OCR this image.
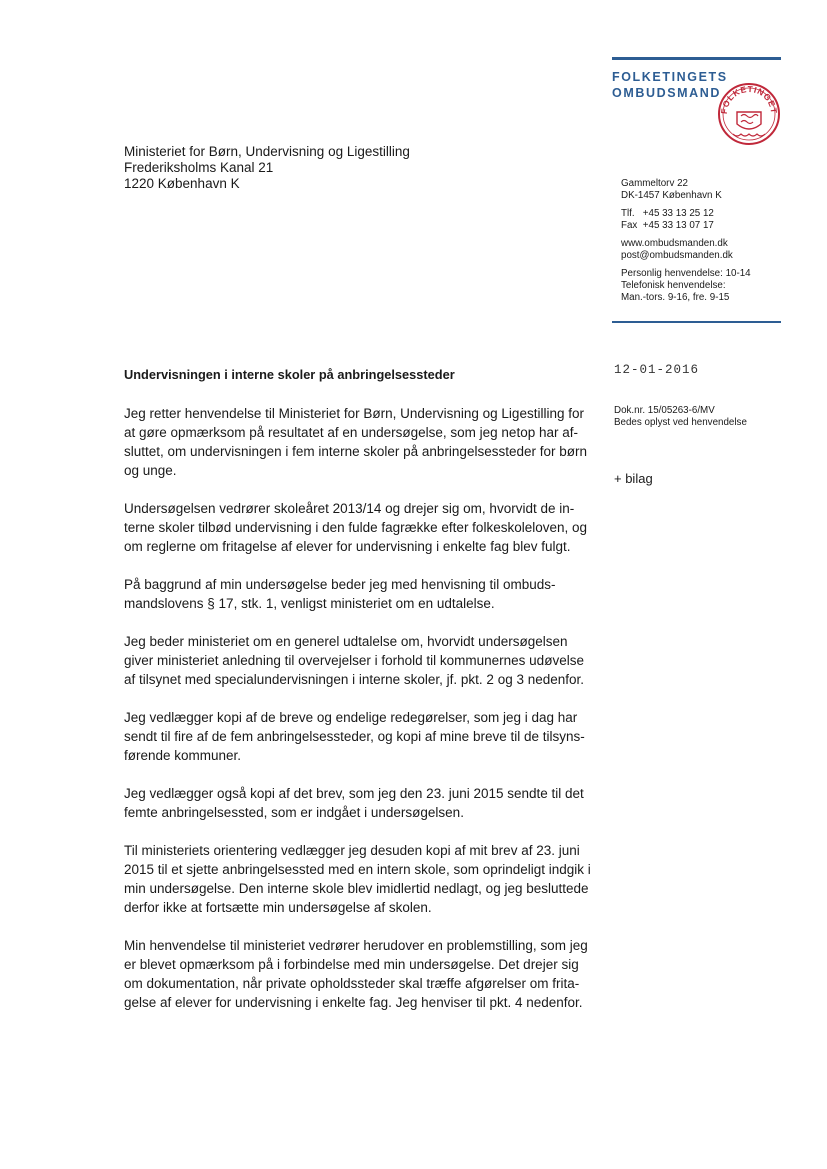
FOLKETINGETS
OMBUDSMAND
FOLKETINGET
Ministeriet for Børn, Undervisning og Ligestilling
Frederiksholms Kanal 21
1220 København K	Gammeltorv 22
DK-1457 København K
Tlf.   +45 33 13 25 12
Fax  +45 33 13 07 17
www.ombudsmanden.dk
post@ombudsmanden.dk
Personlig henvendelse: 10-14
Telefonisk henvendelse:
Man.-tors. 9-16, fre. 9-15
12-01-2016
Dok.nr. 15/05263-6/MV
Bedes oplyst ved henvendelse
+ bilag
Undervisningen i interne skoler på anbringelsessteder

Jeg retter henvendelse til Ministeriet for Børn, Undervisning og Ligestilling for
at gøre opmærksom på resultatet af en undersøgelse, som jeg netop har af-
sluttet, om undervisningen i fem interne skoler på anbringelsessteder for børn
og unge.

Undersøgelsen vedrører skoleåret 2013/14 og drejer sig om, hvorvidt de in-
terne skoler tilbød undervisning i den fulde fagrække efter folkeskoleloven, og
om reglerne om fritagelse af elever for undervisning i enkelte fag blev fulgt.

På baggrund af min undersøgelse beder jeg med henvisning til ombuds-
mandslovens § 17, stk. 1, venligst ministeriet om en udtalelse.

Jeg beder ministeriet om en generel udtalelse om, hvorvidt undersøgelsen
giver ministeriet anledning til overvejelser i forhold til kommunernes udøvelse
af tilsynet med specialundervisningen i interne skoler, jf. pkt. 2 og 3 nedenfor.

Jeg vedlægger kopi af de breve og endelige redegørelser, som jeg i dag har
sendt til fire af de fem anbringelsessteder, og kopi af mine breve til de tilsyns-
førende kommuner.

Jeg vedlægger også kopi af det brev, som jeg den 23. juni 2015 sendte til det
femte anbringelsessted, som er indgået i undersøgelsen.

Til ministeriets orientering vedlægger jeg desuden kopi af mit brev af 23. juni
2015 til et sjette anbringelsessted med en intern skole, som oprindeligt indgik i
min undersøgelse. Den interne skole blev imidlertid nedlagt, og jeg besluttede
derfor ikke at fortsætte min undersøgelse af skolen.

Min henvendelse til ministeriet vedrører herudover en problemstilling, som jeg
er blevet opmærksom på i forbindelse med min undersøgelse. Det drejer sig
om dokumentation, når private opholdssteder skal træffe afgørelser om frita-
gelse af elever for undervisning i enkelte fag. Jeg henviser til pkt. 4 nedenfor.
